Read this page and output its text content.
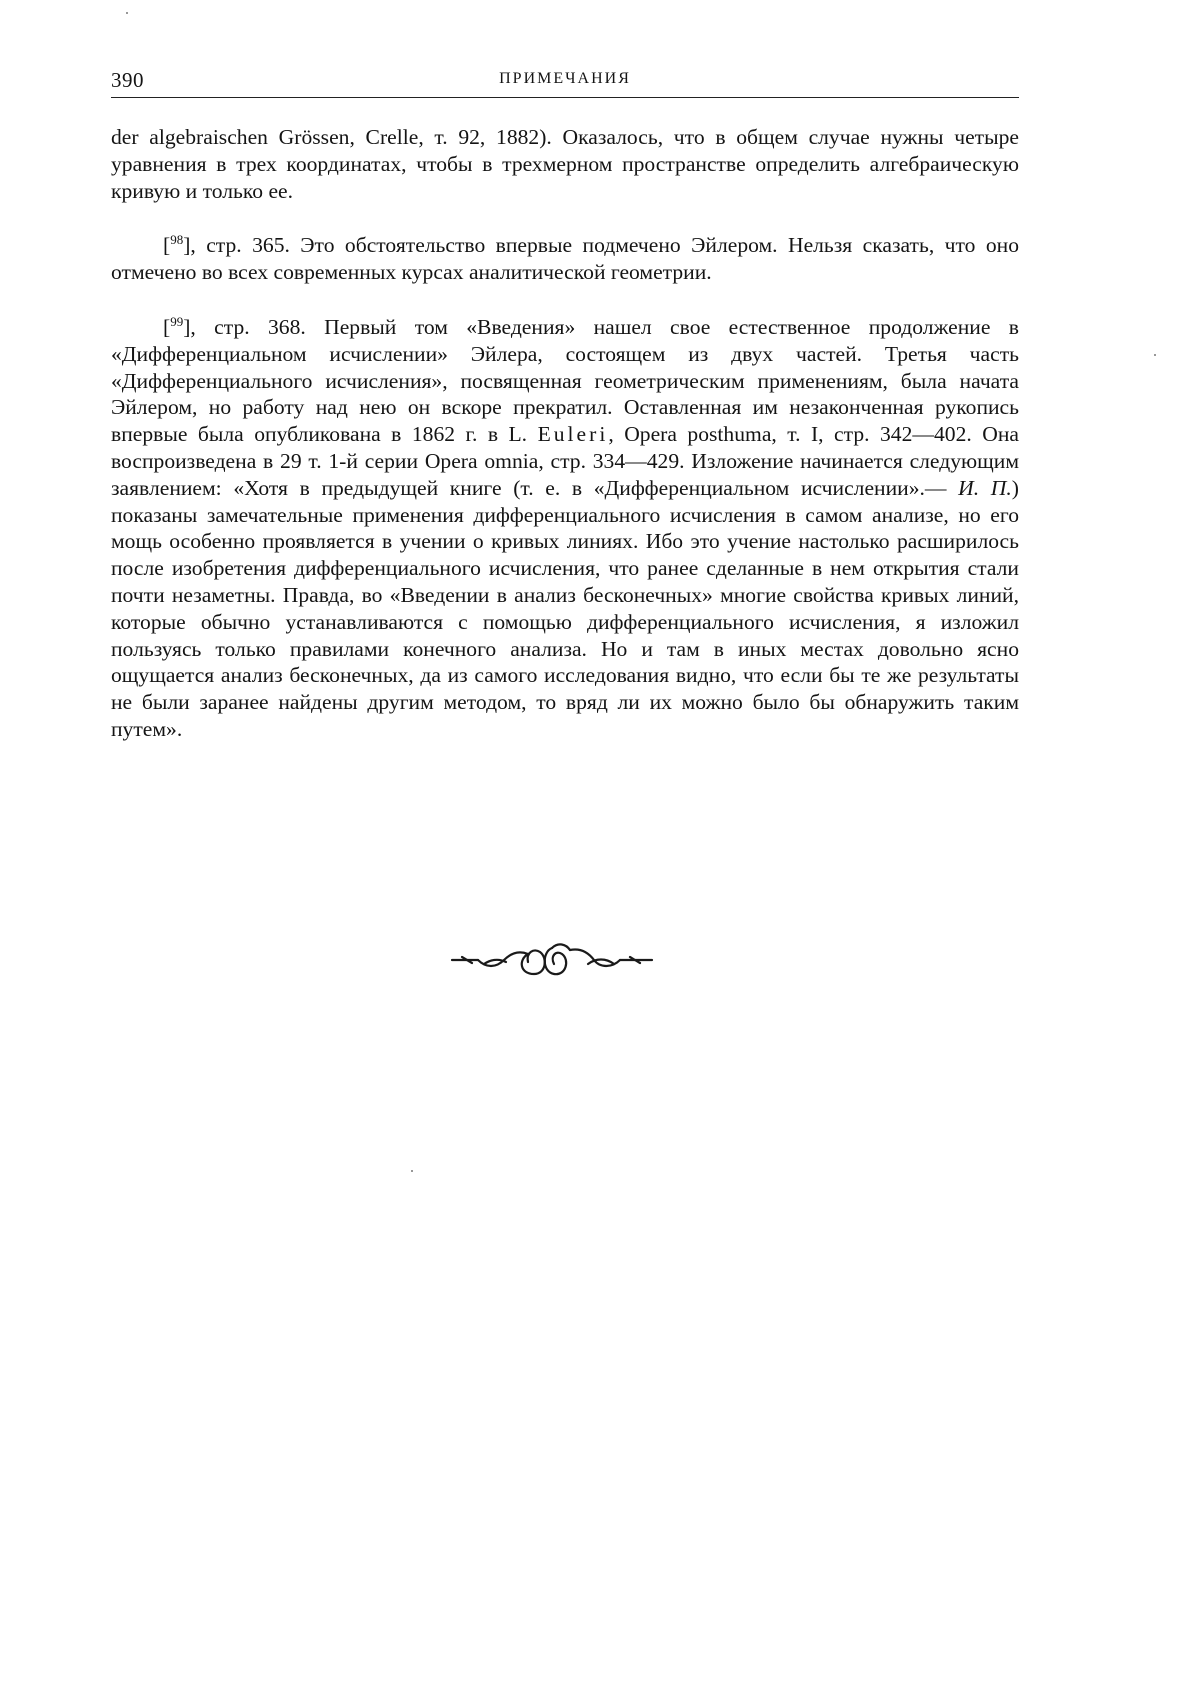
390	ПРИМЕЧАНИЯ

der algebraischen Grössen, Crelle, т. 92, 1882). Оказалось, что в общем случае нужны четыре уравнения в трех координатах, чтобы в трехмерном пространстве определить алгебраическую кривую и только ее.

[$^{98}$], стр. 365. Это обстоятельство впервые подмечено Эйлером. Нельзя сказать, что оно отмечено во всех современных курсах аналитической геометрии.

[$^{99}$], стр. 368. Первый том «Введения» нашел свое естественное продолжение в «Дифференциальном исчислении» Эйлера, состоящем из двух частей. Третья часть «Дифференциального исчисления», посвященная геометрическим применениям, была начата Эйлером, но работу над нею он вскоре прекратил. Оставленная им незаконченная рукопись впервые была опубликована в 1862 г. в L. Euleri, Opera posthuma, т. I, стр. 342—402. Она воспроизведена в 29 т. 1-й серии Opera omnia, стр. 334—429. Изложение начинается следующим заявлением: «Хотя в предыдущей книге (т. е. в «Дифференциальном исчислении».— И. П.) показаны замечательные применения дифференциального исчисления в самом анализе, но его мощь особенно проявляется в учении о кривых линиях. Ибо это учение настолько расширилось после изобретения дифференциального исчисления, что ранее сделанные в нем открытия стали почти незаметны. Правда, во «Введении в анализ бесконечных» многие свойства кривых линий, которые обычно устанавливаются с помощью дифференциального исчисления, я изложил пользуясь только правилами конечного анализа. Но и там в иных местах довольно ясно ощущается анализ бесконечных, да из самого исследования видно, что если бы те же результаты не были заранее найдены другим методом, то вряд ли их можно было бы обнаружить таким путем».
